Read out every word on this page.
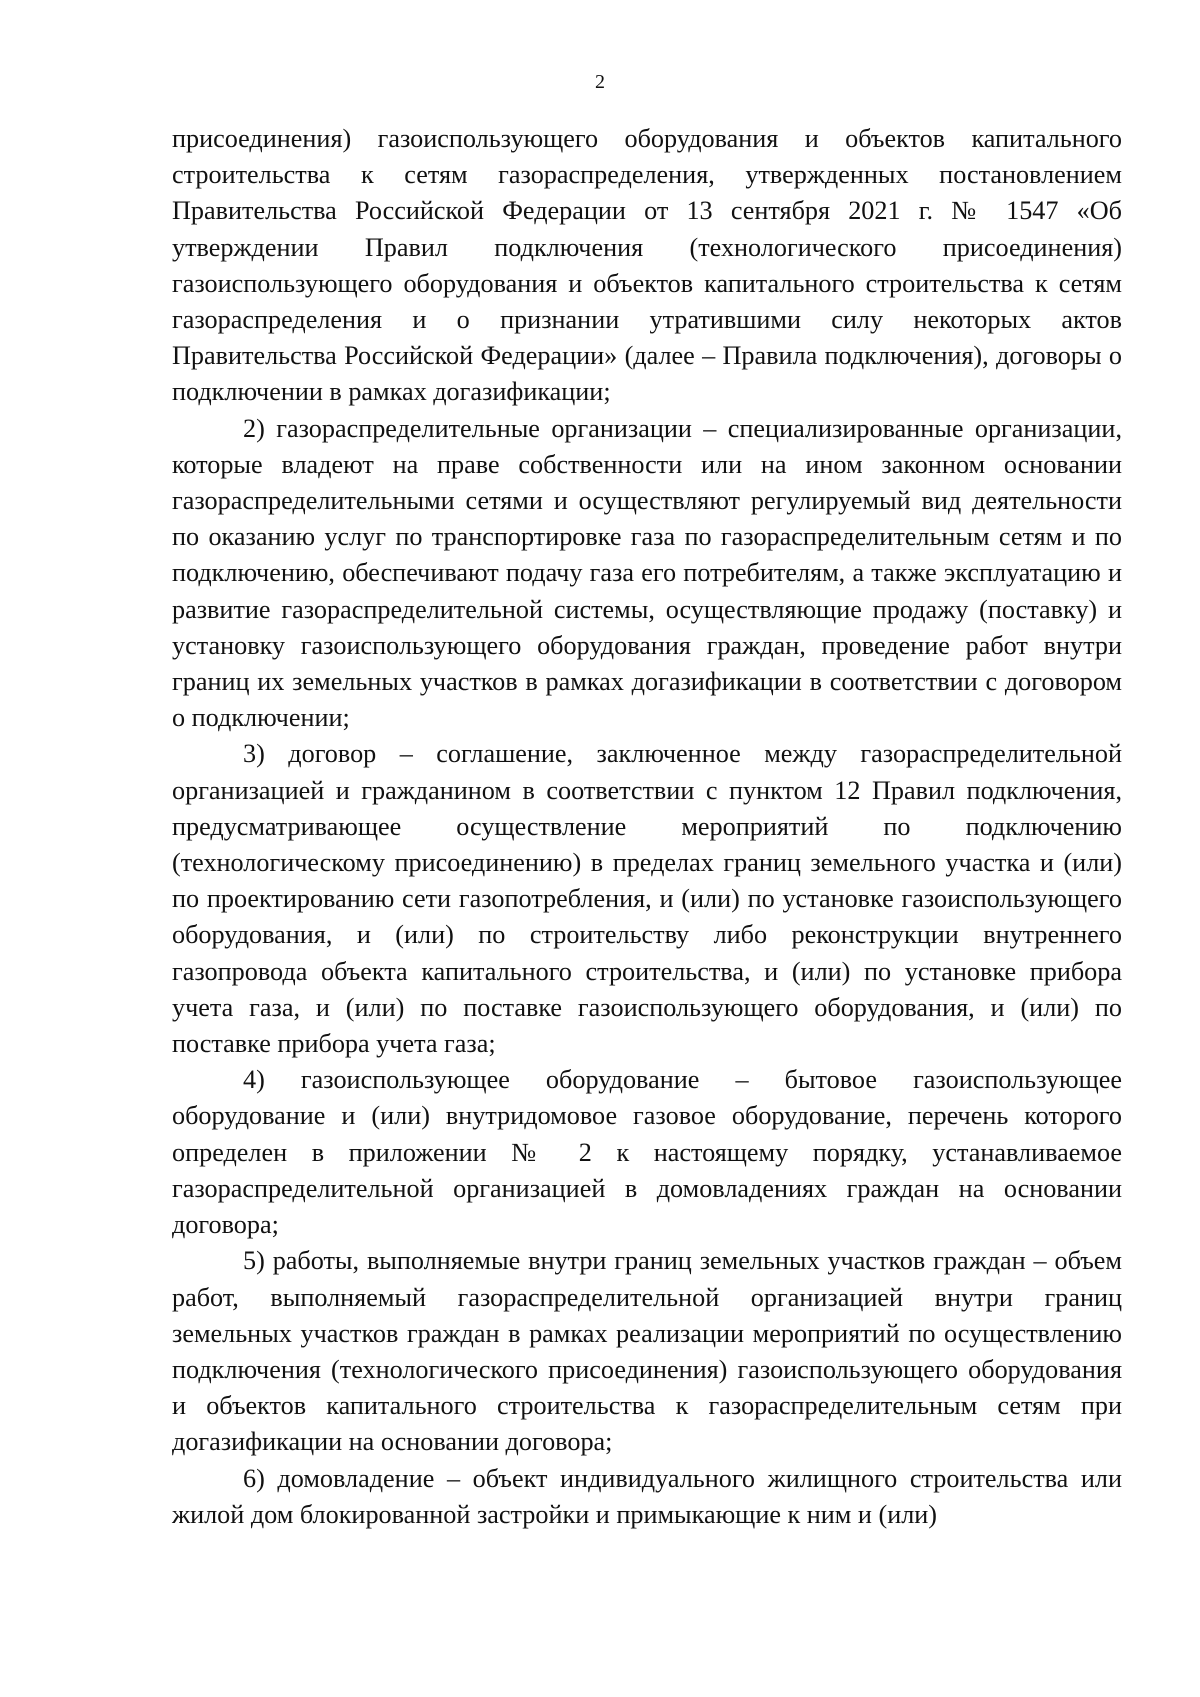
2

присоединения) газоиспользующего оборудования и объектов капитального строительства к сетям газораспределения, утвержденных постановлением Правительства Российской Федерации от 13 сентября 2021 г. № 1547 «Об утверждении Правил подключения (технологического присоединения) газоиспользующего оборудования и объектов капитального строительства к сетям газораспределения и о признании утратившими силу некоторых актов Правительства Российской Федерации» (далее – Правила подключения), договоры о подключении в рамках догазификации;

2) газораспределительные организации – специализированные организации, которые владеют на праве собственности или на ином законном основании газораспределительными сетями и осуществляют регулируемый вид деятельности по оказанию услуг по транспортировке газа по газораспределительным сетям и по подключению, обеспечивают подачу газа его потребителям, а также эксплуатацию и развитие газораспределительной системы, осуществляющие продажу (поставку) и установку газоиспользующего оборудования граждан, проведение работ внутри границ их земельных участков в рамках догазификации в соответствии с договором о подключении;

3) договор – соглашение, заключенное между газораспределительной организацией и гражданином в соответствии с пунктом 12 Правил подключения, предусматривающее осуществление мероприятий по подключению (технологическому присоединению) в пределах границ земельного участка и (или) по проектированию сети газопотребления, и (или) по установке газоиспользующего оборудования, и (или) по строительству либо реконструкции внутреннего газопровода объекта капитального строительства, и (или) по установке прибора учета газа, и (или) по поставке газоиспользующего оборудования, и (или) по поставке прибора учета газа;

4) газоиспользующее оборудование – бытовое газоиспользующее оборудование и (или) внутридомовое газовое оборудование, перечень которого определен в приложении № 2 к настоящему порядку, устанавливаемое газораспределительной организацией в домовладениях граждан на основании договора;

5) работы, выполняемые внутри границ земельных участков граждан – объем работ, выполняемый газораспределительной организацией внутри границ земельных участков граждан в рамках реализации мероприятий по осуществлению подключения (технологического присоединения) газоиспользующего оборудования и объектов капитального строительства к газораспределительным сетям при догазификации на основании договора;

6) домовладение – объект индивидуального жилищного строительства или жилой дом блокированной застройки и примыкающие к ним и (или)
